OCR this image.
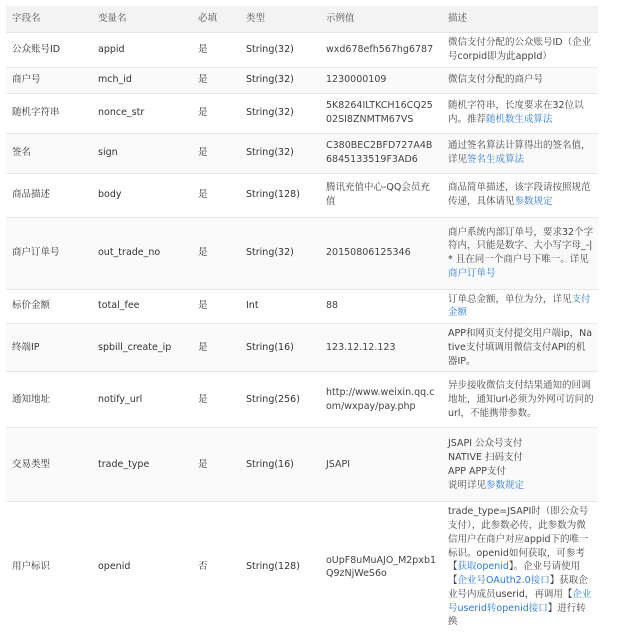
字段名	变量名	必填	类型	示例值	描述
公众账号ID	appid	是	String(32)	wxd678efh567hg6787	微信支付分配的公众账号ID（企业号corpid即为此appId）
商户号	mch_id	是	String(32)	1230000109	微信支付分配的商户号
随机字符串	nonce_str	是	String(32)	5K8264ILTKCH16CQ2502SI8ZNMTM67VS	随机字符串，长度要求在32位以内。推荐随机数生成算法
签名	sign	是	String(32)	C380BEC2BFD727A4B6845133519F3AD6	通过签名算法计算得出的签名值，详见签名生成算法
商品描述	body	是	String(128)	腾讯充值中心-QQ会员充值	商品简单描述，该字段请按照规范传递，具体请见参数规定
商户订单号	out_trade_no	是	String(32)	20150806125346	商户系统内部订单号，要求32个字符内，只能是数字、大小写字母_-|* 且在同一个商户号下唯一。详见商户订单号
标价金额	total_fee	是	Int	88	订单总金额，单位为分，详见支付金额
终端IP	spbill_create_ip	是	String(16)	123.12.12.123	APP和网页支付提交用户端ip，Native支付填调用微信支付API的机器IP。
通知地址	notify_url	是	String(256)	http://www.weixin.qq.com/wxpay/pay.php	异步接收微信支付结果通知的回调地址，通知url必须为外网可访问的url，不能携带参数。
交易类型	trade_type	是	String(16)	JSAPI	JSAPI 公众号支付
NATIVE 扫码支付
APP APP支付
说明详见参数规定

用户标识	openid	否	String(128)	oUpF8uMuAJO_M2pxb1Q9zNjWeS6o	trade_type=JSAPI时（即公众号支付），此参数必传，此参数为微信用户在商户对应appid下的唯一标识。openid如何获取，可参考【获取openid】。企业号请使用【企业号OAuth2.0接口】获取企业号内成员userid，再调用【企业号userid转openid接口】进行转换
